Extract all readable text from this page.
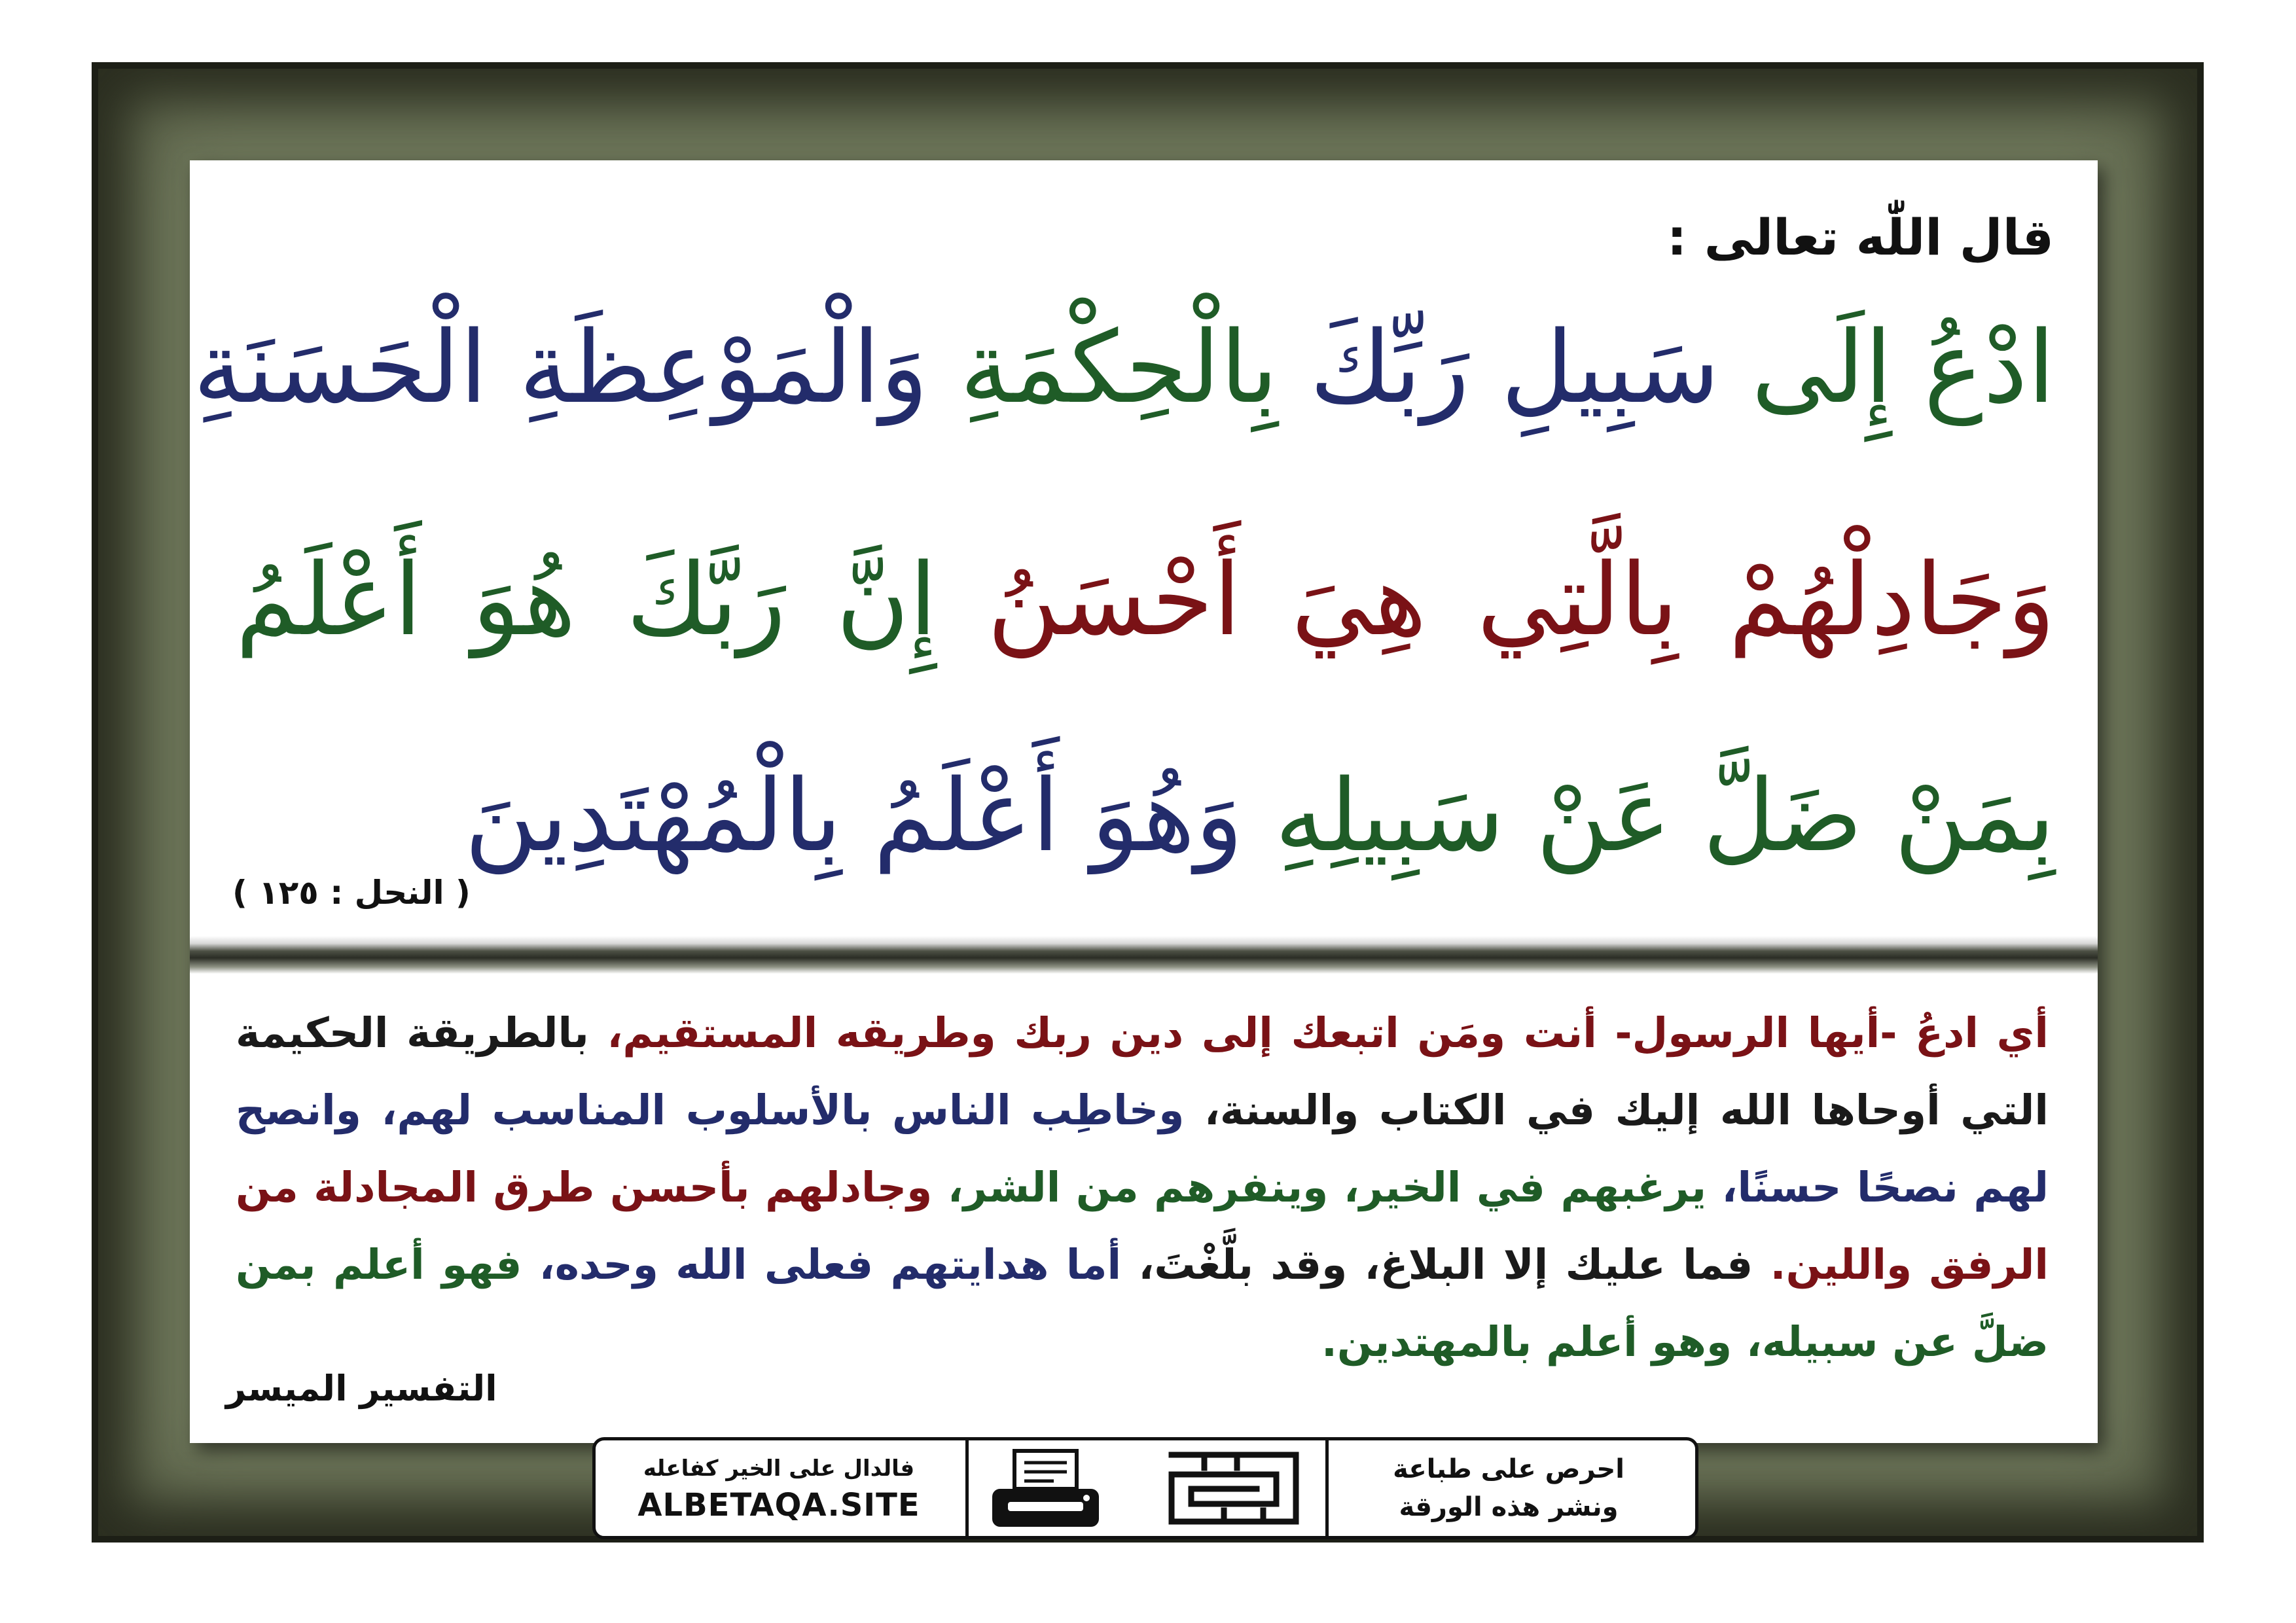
قال اللّٰه تعالى :
ادْعُ إِلَى سَبِيلِ رَبِّكَ بِالْحِكْمَةِ وَالْمَوْعِظَةِ الْحَسَنَةِ
وَجَادِلْهُمْ بِالَّتِي هِيَ أَحْسَنُ إِنَّ رَبَّكَ هُوَ أَعْلَمُ
بِمَنْ ضَلَّ عَنْ سَبِيلِهِ وَهُوَ أَعْلَمُ بِالْمُهْتَدِينَ
( النحل : ١٢٥ )
أي ادعُ -أيها الرسول- أنت ومَن اتبعك إلى دين ربك وطريقه المستقيم، بالطريقة الحكيمة التي أوحاها الله إليك في الكتاب والسنة، وخاطِب الناس بالأسلوب المناسب لهم، وانصح لهم نصحًا حسنًا، يرغبهم في الخير، وينفرهم من الشر، وجادلهم بأحسن طرق المجادلة من الرفق واللين. فما عليك إلا البلاغ، وقد بلَّغْتَ، أما هدايتهم فعلى الله وحده، فهو أعلم بمن ضلَّ عن سبيله، وهو أعلم بالمهتدين.
التفسير الميسر
احرص على طباعة
ونشر هذه الورقة
فالدال على الخير كفاعله
ALBETAQA.SITE
